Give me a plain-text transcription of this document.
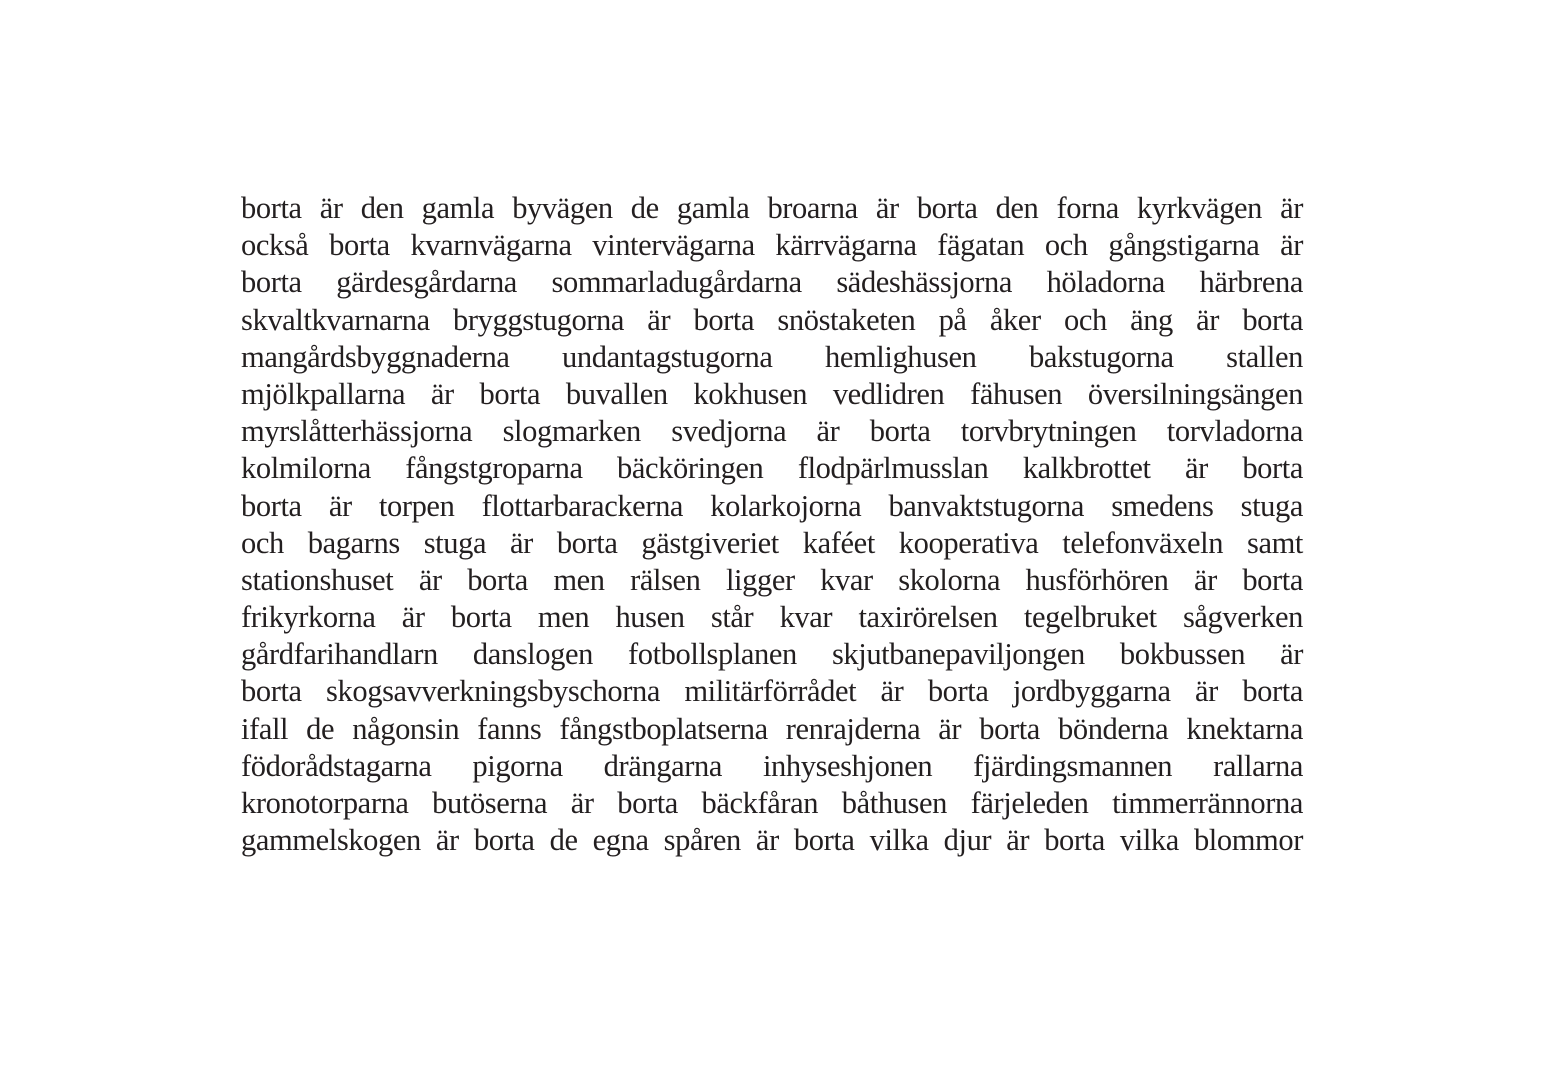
borta är den gamla byvägen de gamla broarna är borta den forna kyrkvägen är
också borta kvarnvägarna vintervägarna kärrvägarna fägatan och gångstigarna är
borta gärdesgårdarna sommarladugårdarna sädeshässjorna höladorna härbrena
skvaltkvarnarna bryggstugorna är borta snöstaketen på åker och äng är borta
mangårdsbyggnaderna undantagstugorna hemlighusen bakstugorna stallen
mjölkpallarna är borta buvallen kokhusen vedlidren fähusen översilningsängen
myrslåtterhässjorna slogmarken svedjorna är borta torvbrytningen torvladorna
kolmilorna fångstgroparna bäcköringen flodpärlmusslan kalkbrottet är borta
borta är torpen flottarbarackerna kolarkojorna banvaktstugorna smedens stuga
och bagarns stuga är borta gästgiveriet kaféet kooperativa telefonväxeln samt
stationshuset är borta men rälsen ligger kvar skolorna husförhören är borta
frikyrkorna är borta men husen står kvar taxirörelsen tegelbruket sågverken
gårdfarihandlarn danslogen fotbollsplanen skjutbanepaviljongen bokbussen är
borta skogsavverkningsbyschorna militärförrådet är borta jordbyggarna är borta
ifall de någonsin fanns fångstboplatserna renrajderna är borta bönderna knektarna
födorådstagarna pigorna drängarna inhyseshjonen fjärdingsmannen rallarna
kronotorparna butöserna är borta bäckfåran båthusen färjeleden timmerrännorna
gammelskogen är borta de egna spåren är borta vilka djur är borta vilka blommor
